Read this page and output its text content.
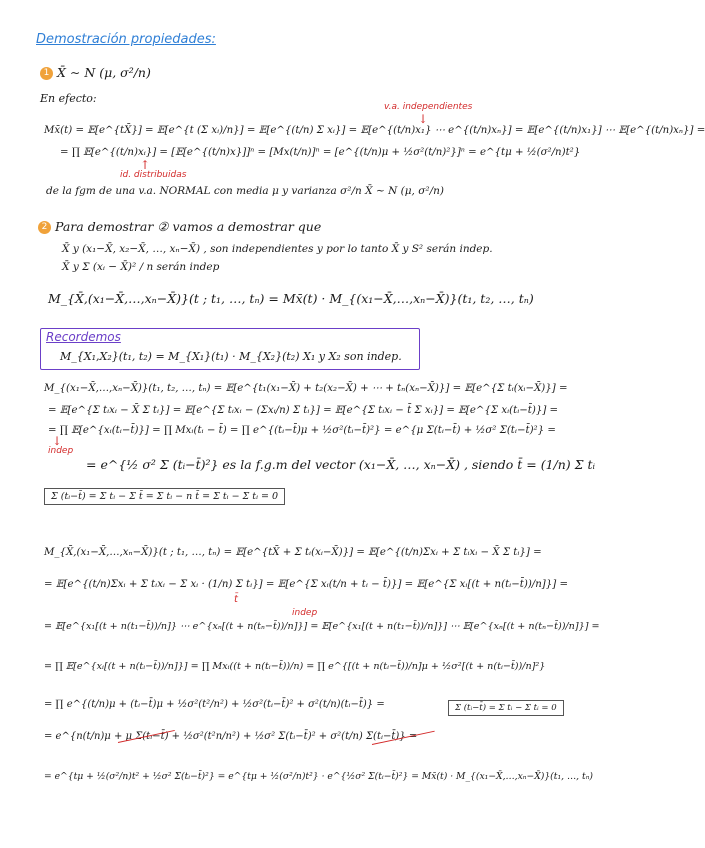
Demostración propiedades:
1 X̄ ∼ N (μ, σ²/n)
En efecto:
v.a. independientes
↓
Mx̄(t) = 𝔼[e^{tX̄}] = 𝔼[e^{t (Σ xᵢ)/n}] = 𝔼[e^{(t/n) Σ xᵢ}] = 𝔼[e^{(t/n)x₁} ⋯ e^{(t/n)xₙ}] = 𝔼[e^{(t/n)x₁}] ⋯ 𝔼[e^{(t/n)xₙ}] =
= ∏ 𝔼[e^{(t/n)xᵢ}] = [𝔼[e^{(t/n)x}]]ⁿ = [Mx(t/n)]ⁿ = [e^{(t/n)μ + ½σ²(t/n)²}]ⁿ = e^{tμ + ½(σ²/n)t²}
↑
id. distribuidas
de la fgm de una v.a. NORMAL con media μ y varianza σ²/n X̄ ∼ N (μ, σ²/n)
2 Para demostrar ② vamos a demostrar que
X̄ y (x₁−X̄, x₂−X̄, …, xₙ−X̄) , son independientes y por lo tanto X̄ y S² serán indep.
X̄ y Σ (xᵢ − X̄)² / n serán indep
M_{X̄,(x₁−X̄,…,xₙ−X̄)}(t ; t₁, …, tₙ) = Mx̄(t) · M_{(x₁−X̄,…,xₙ−X̄)}(t₁, t₂, …, tₙ)
Recordemos
M_{X₁,X₂}(t₁, t₂) = M_{X₁}(t₁) · M_{X₂}(t₂) X₁ y X₂ son indep.
M_{(x₁−X̄,…,xₙ−X̄)}(t₁, t₂, …, tₙ) = 𝔼[e^{t₁(x₁−X̄) + t₂(x₂−X̄) + ⋯ + tₙ(xₙ−X̄)}] = 𝔼[e^{Σ tᵢ(xᵢ−X̄)}] =
= 𝔼[e^{Σ tᵢxᵢ − X̄ Σ tᵢ}] = 𝔼[e^{Σ tᵢxᵢ − (Σxᵢ/n) Σ tᵢ}] = 𝔼[e^{Σ tᵢxᵢ − t̄ Σ xᵢ}] = 𝔼[e^{Σ xᵢ(tᵢ−t̄)}] =
= ∏ 𝔼[e^{xᵢ(tᵢ−t̄)}] = ∏ Mxᵢ(tᵢ − t̄) = ∏ e^{(tᵢ−t̄)μ + ½σ²(tᵢ−t̄)²} = e^{μ Σ(tᵢ−t̄) + ½σ² Σ(tᵢ−t̄)²} =
↓
indep
= e^{½ σ² Σ (tᵢ−t̄)²} es la f.g.m del vector (x₁−X̄, …, xₙ−X̄) , siendo t̄ = (1/n) Σ tᵢ
Σ (tᵢ−t̄) = Σ tᵢ − Σ t̄ = Σ tᵢ − n t̄ = Σ tᵢ − Σ tᵢ = 0
M_{X̄,(x₁−X̄,…,xₙ−X̄)}(t ; t₁, …, tₙ) = 𝔼[e^{tX̄ + Σ tᵢ(xᵢ−X̄)}] = 𝔼[e^{(t/n)Σxᵢ + Σ tᵢxᵢ − X̄ Σ tᵢ}] =
= 𝔼[e^{(t/n)Σxᵢ + Σ tᵢxᵢ − Σ xᵢ · (1/n) Σ tᵢ}] = 𝔼[e^{Σ xᵢ(t/n + tᵢ − t̄)}] = 𝔼[e^{Σ xᵢ[(t + n(tᵢ−t̄))/n]}] =
t̄
indep
= 𝔼[e^{x₁[(t + n(t₁−t̄))/n]} ⋯ e^{xₙ[(t + n(tₙ−t̄))/n]}] = 𝔼[e^{x₁[(t + n(t₁−t̄))/n]}] ⋯ 𝔼[e^{xₙ[(t + n(tₙ−t̄))/n]}] =
= ∏ 𝔼[e^{xᵢ[(t + n(tᵢ−t̄))/n]}] = ∏ Mxᵢ((t + n(tᵢ−t̄))/n) = ∏ e^{[(t + n(tᵢ−t̄))/n]μ + ½σ²[(t + n(tᵢ−t̄))/n]²}
= ∏ e^{(t/n)μ + (tᵢ−t̄)μ + ½σ²(t²/n²) + ½σ²(tᵢ−t̄)² + σ²(t/n)(tᵢ−t̄)} =	Σ (tᵢ−t̄) = Σ tᵢ − Σ tᵢ = 0
= e^{n(t/n)μ + μ Σ(tᵢ−t̄) + ½σ²(t²n/n²) + ½σ² Σ(tᵢ−t̄)² + σ²(t/n) Σ(tᵢ−t̄)} =
= e^{tμ + ½(σ²/n)t² + ½σ² Σ(tᵢ−t̄)²} = e^{tμ + ½(σ²/n)t²} · e^{½σ² Σ(tᵢ−t̄)²} = Mx̄(t) · M_{(x₁−X̄,…,xₙ−X̄)}(t₁, …, tₙ)
